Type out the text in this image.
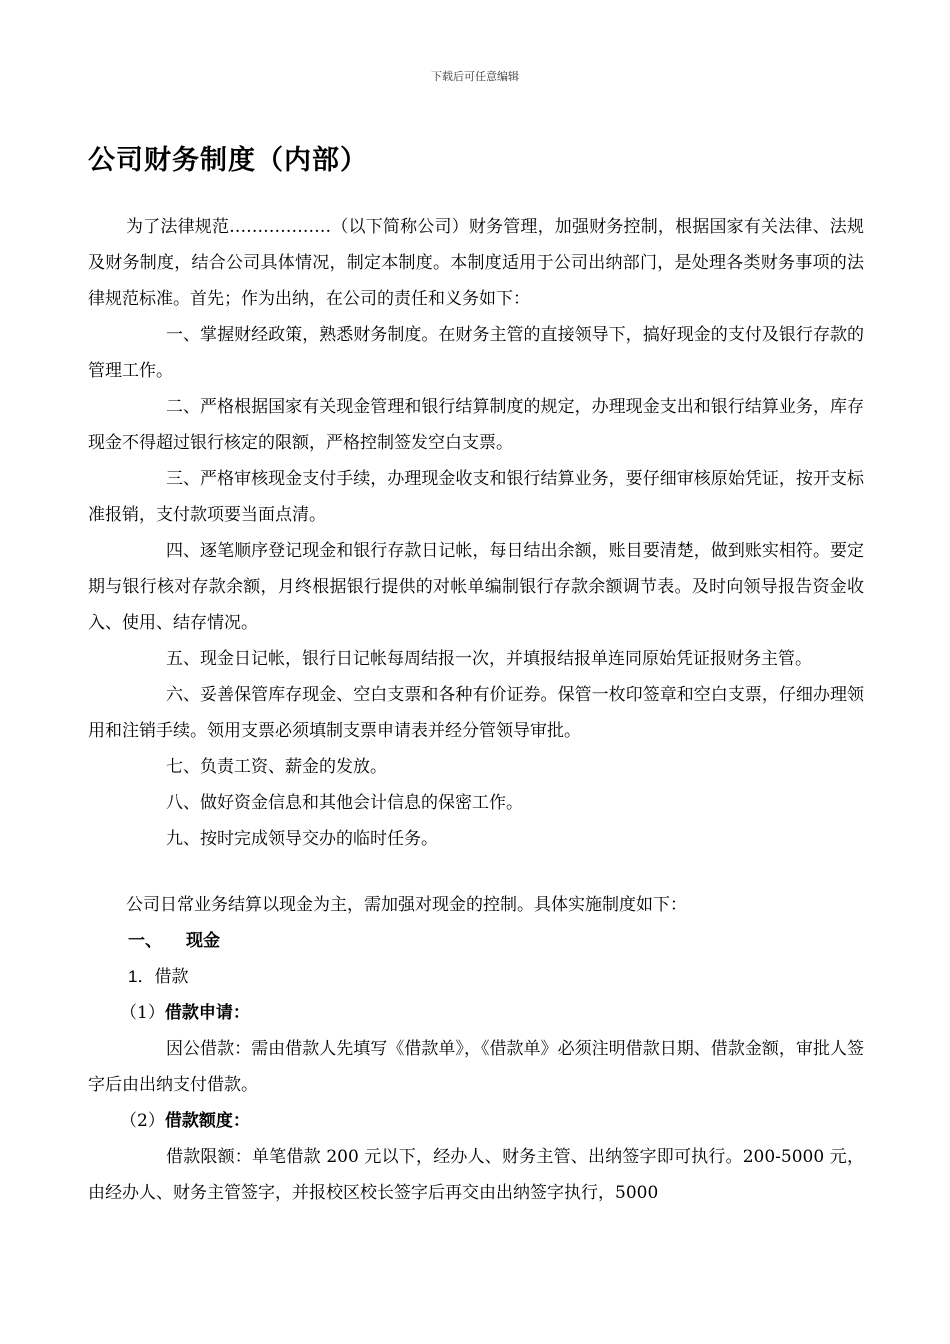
下载后可任意编辑
公司财务制度（内部）

为了法律规范………………（以下简称公司）财务管理，加强财务控制，根据国家有关法律、法规及财务制度，结合公司具体情况，制定本制度。本制度适用于公司出纳部门，是处理各类财务事项的法律规范标准。首先；作为出纳，在公司的责任和义务如下：

一、掌握财经政策，熟悉财务制度。在财务主管的直接领导下，搞好现金的支付及银行存款的管理工作。

二、严格根据国家有关现金管理和银行结算制度的规定，办理现金支出和银行结算业务，库存现金不得超过银行核定的限额，严格控制签发空白支票。

三、严格审核现金支付手续，办理现金收支和银行结算业务，要仔细审核原始凭证，按开支标准报销，支付款项要当面点清。

四、逐笔顺序登记现金和银行存款日记帐，每日结出余额，账目要清楚，做到账实相符。要定期与银行核对存款余额，月终根据银行提供的对帐单编制银行存款余额调节表。及时向领导报告资金收入、使用、结存情况。

五、现金日记帐，银行日记帐每周结报一次，并填报结报单连同原始凭证报财务主管。

六、妥善保管库存现金、空白支票和各种有价证券。保管一枚印签章和空白支票，仔细办理领用和注销手续。领用支票必须填制支票申请表并经分管领导审批。

七、负责工资、薪金的发放。

八、做好资金信息和其他会计信息的保密工作。

九、按时完成领导交办的临时任务。

公司日常业务结算以现金为主，需加强对现金的控制。具体实施制度如下：

一、 现金

1．借款

（1）借款申请：

因公借款：需由借款人先填写《借款单》，《借款单》必须注明借款日期、借款金额，审批人签字后由出纳支付借款。

（2）借款额度：

借款限额：单笔借款 200 元以下，经办人、财务主管、出纳签字即可执行。200-5000 元，由经办人、财务主管签字，并报校区校长签字后再交由出纳签字执行，5000
